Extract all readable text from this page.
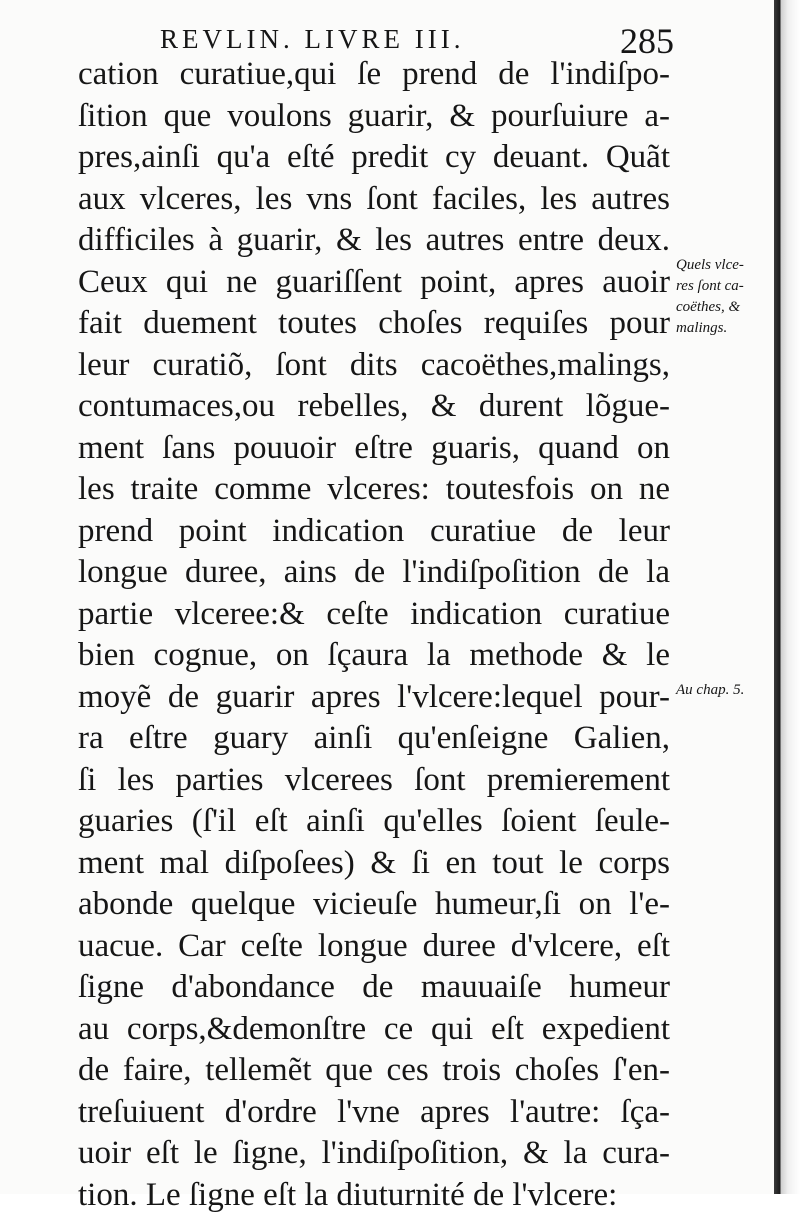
REVLIN. LIVRE III.	285
cation curatiue,qui ſe prend de l'indiſpo-
ſition que voulons guarir, & pourſuiure a-
pres,ainſi qu'a eſté predit cy deuant. Quãt
aux vlceres, les vns ſont faciles, les autres
difficiles à guarir, & les autres entre deux.
Ceux qui ne guariſſent point, apres auoir
fait duement toutes choſes requiſes pour
leur curatiõ, ſont dits cacoëthes,malings,
contumaces,ou rebelles, & durent lõgue-
ment ſans pouuoir eſtre guaris, quand on
les traite comme vlceres: toutesfois on ne
prend point indication curatiue de leur
longue duree, ains de l'indiſpoſition de la
partie vlceree:& ceſte indication curatiue
bien cognue, on ſçaura la methode & le
moyẽ de guarir apres l'vlcere:lequel pour-
ra eſtre guary ainſi qu'enſeigne Galien,
ſi les parties vlcerees ſont premierement
guaries (ſ'il eſt ainſi qu'elles ſoient ſeule-
ment mal diſpoſees) & ſi en tout le corps
abonde quelque vicieuſe humeur,ſi on l'e-
uacue. Car ceſte longue duree d'vlcere, eſt
ſigne d'abondance de mauuaiſe humeur
au corps,&demonſtre ce qui eſt expedient
de faire, tellemẽt que ces trois choſes ſ'en-
treſuiuent d'ordre l'vne apres l'autre: ſça-
uoir eſt le ſigne, l'indiſpoſition, & la cura-
tion. Le ſigne eſt la diuturnité de l'vlcere:
Quels vlce-
res ſont ca-
coëthes, &
malings.
Au chap. 5.
